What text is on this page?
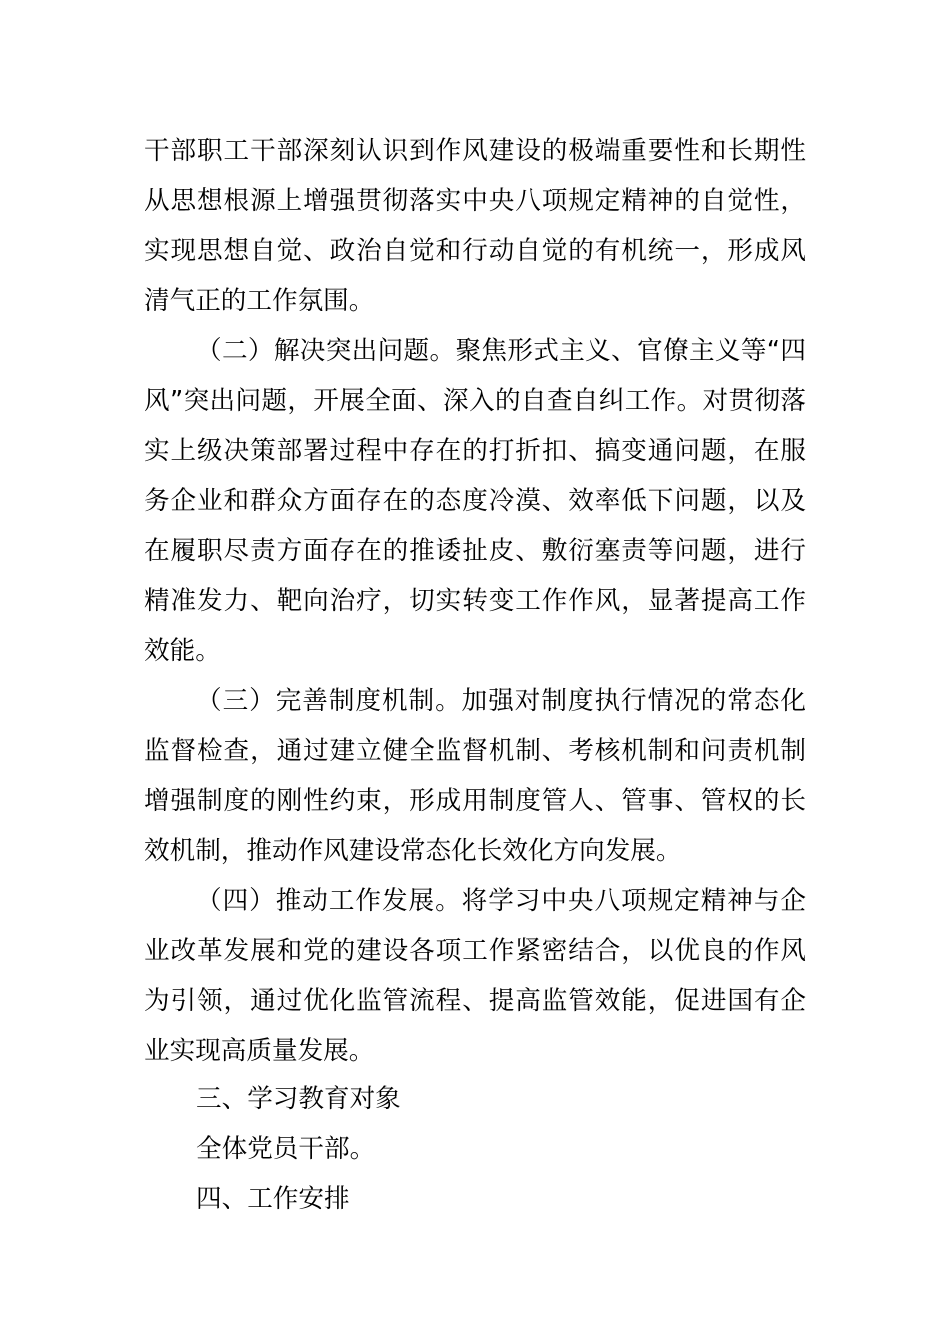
干部职工干部深刻认识到作风建设的极端重要性和长期性
从思想根源上增强贯彻落实中央八项规定精神的自觉性，
实现思想自觉、政治自觉和行动自觉的有机统一，形成风
清气正的工作氛围。
（二）解决突出问题。聚焦形式主义、官僚主义等“四
风”突出问题，开展全面、深入的自查自纠工作。对贯彻落
实上级决策部署过程中存在的打折扣、搞变通问题，在服
务企业和群众方面存在的态度冷漠、效率低下问题，以及
在履职尽责方面存在的推诿扯皮、敷衍塞责等问题，进行
精准发力、靶向治疗，切实转变工作作风，显著提高工作
效能。
（三）完善制度机制。加强对制度执行情况的常态化
监督检查，通过建立健全监督机制、考核机制和问责机制
增强制度的刚性约束，形成用制度管人、管事、管权的长
效机制，推动作风建设常态化长效化方向发展。
（四）推动工作发展。将学习中央八项规定精神与企
业改革发展和党的建设各项工作紧密结合，以优良的作风
为引领，通过优化监管流程、提高监管效能，促进国有企
业实现高质量发展。
三、学习教育对象
全体党员干部。
四、工作安排
